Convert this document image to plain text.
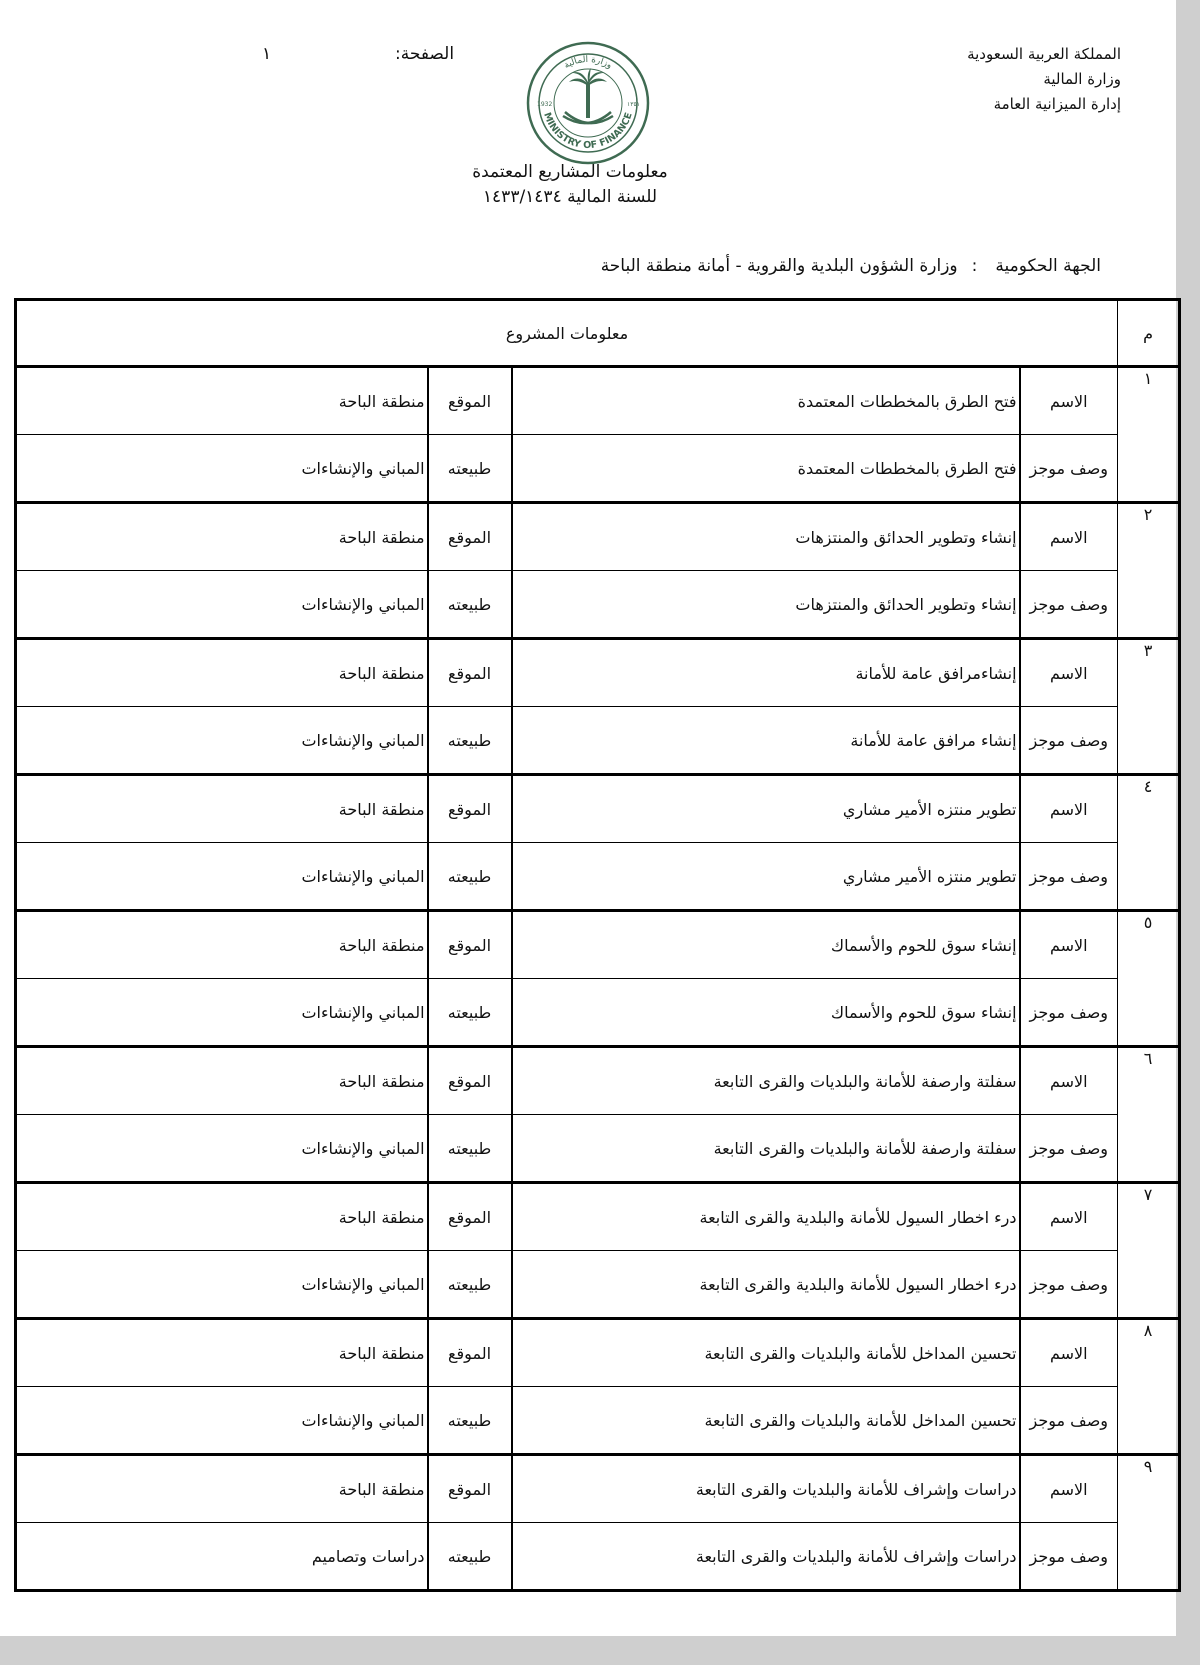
المملكة العربية السعودية
وزارة المالية
إدارة الميزانية العامة
الصفحة:
١
وزارة المالية
MINISTRY OF FINANCE
1932	١٣٥١
معلومات المشاريع المعتمدة
للسنة المالية ١٤٣٣/١٤٣٤
الجهة الحكومية:وزارة الشؤون البلدية والقروية - أمانة منطقة الباحة
م	معلومات المشروع			

١	الاسم	فتح الطرق بالمخططات المعتمدة	الموقع	منطقة الباحة
	وصف موجز	فتح الطرق بالمخططات المعتمدة	طبيعته	المباني والإنشاءات

٢	الاسم	إنشاء وتطوير الحدائق والمنتزهات	الموقع	منطقة الباحة
	وصف موجز	إنشاء وتطوير الحدائق والمنتزهات	طبيعته	المباني والإنشاءات

٣	الاسم	إنشاءمرافق عامة للأمانة	الموقع	منطقة الباحة
	وصف موجز	إنشاء مرافق عامة للأمانة	طبيعته	المباني والإنشاءات

٤	الاسم	تطوير منتزه الأمير مشاري	الموقع	منطقة الباحة
	وصف موجز	تطوير منتزه الأمير مشاري	طبيعته	المباني والإنشاءات

٥	الاسم	إنشاء سوق للحوم والأسماك	الموقع	منطقة الباحة
	وصف موجز	إنشاء سوق للحوم والأسماك	طبيعته	المباني والإنشاءات

٦	الاسم	سفلتة وارصفة للأمانة والبلديات والقرى التابعة	الموقع	منطقة الباحة
	وصف موجز	سفلتة وارصفة للأمانة والبلديات والقرى التابعة	طبيعته	المباني والإنشاءات

٧	الاسم	درء اخطار السيول للأمانة والبلدية والقرى التابعة	الموقع	منطقة الباحة
	وصف موجز	درء اخطار السيول للأمانة والبلدية والقرى التابعة	طبيعته	المباني والإنشاءات

٨	الاسم	تحسين المداخل للأمانة والبلديات والقرى التابعة	الموقع	منطقة الباحة
	وصف موجز	تحسين المداخل للأمانة والبلديات والقرى التابعة	طبيعته	المباني والإنشاءات

٩	الاسم	دراسات وإشراف للأمانة والبلديات والقرى التابعة	الموقع	منطقة الباحة
	وصف موجز	دراسات وإشراف للأمانة والبلديات والقرى التابعة	طبيعته	دراسات وتصاميم
